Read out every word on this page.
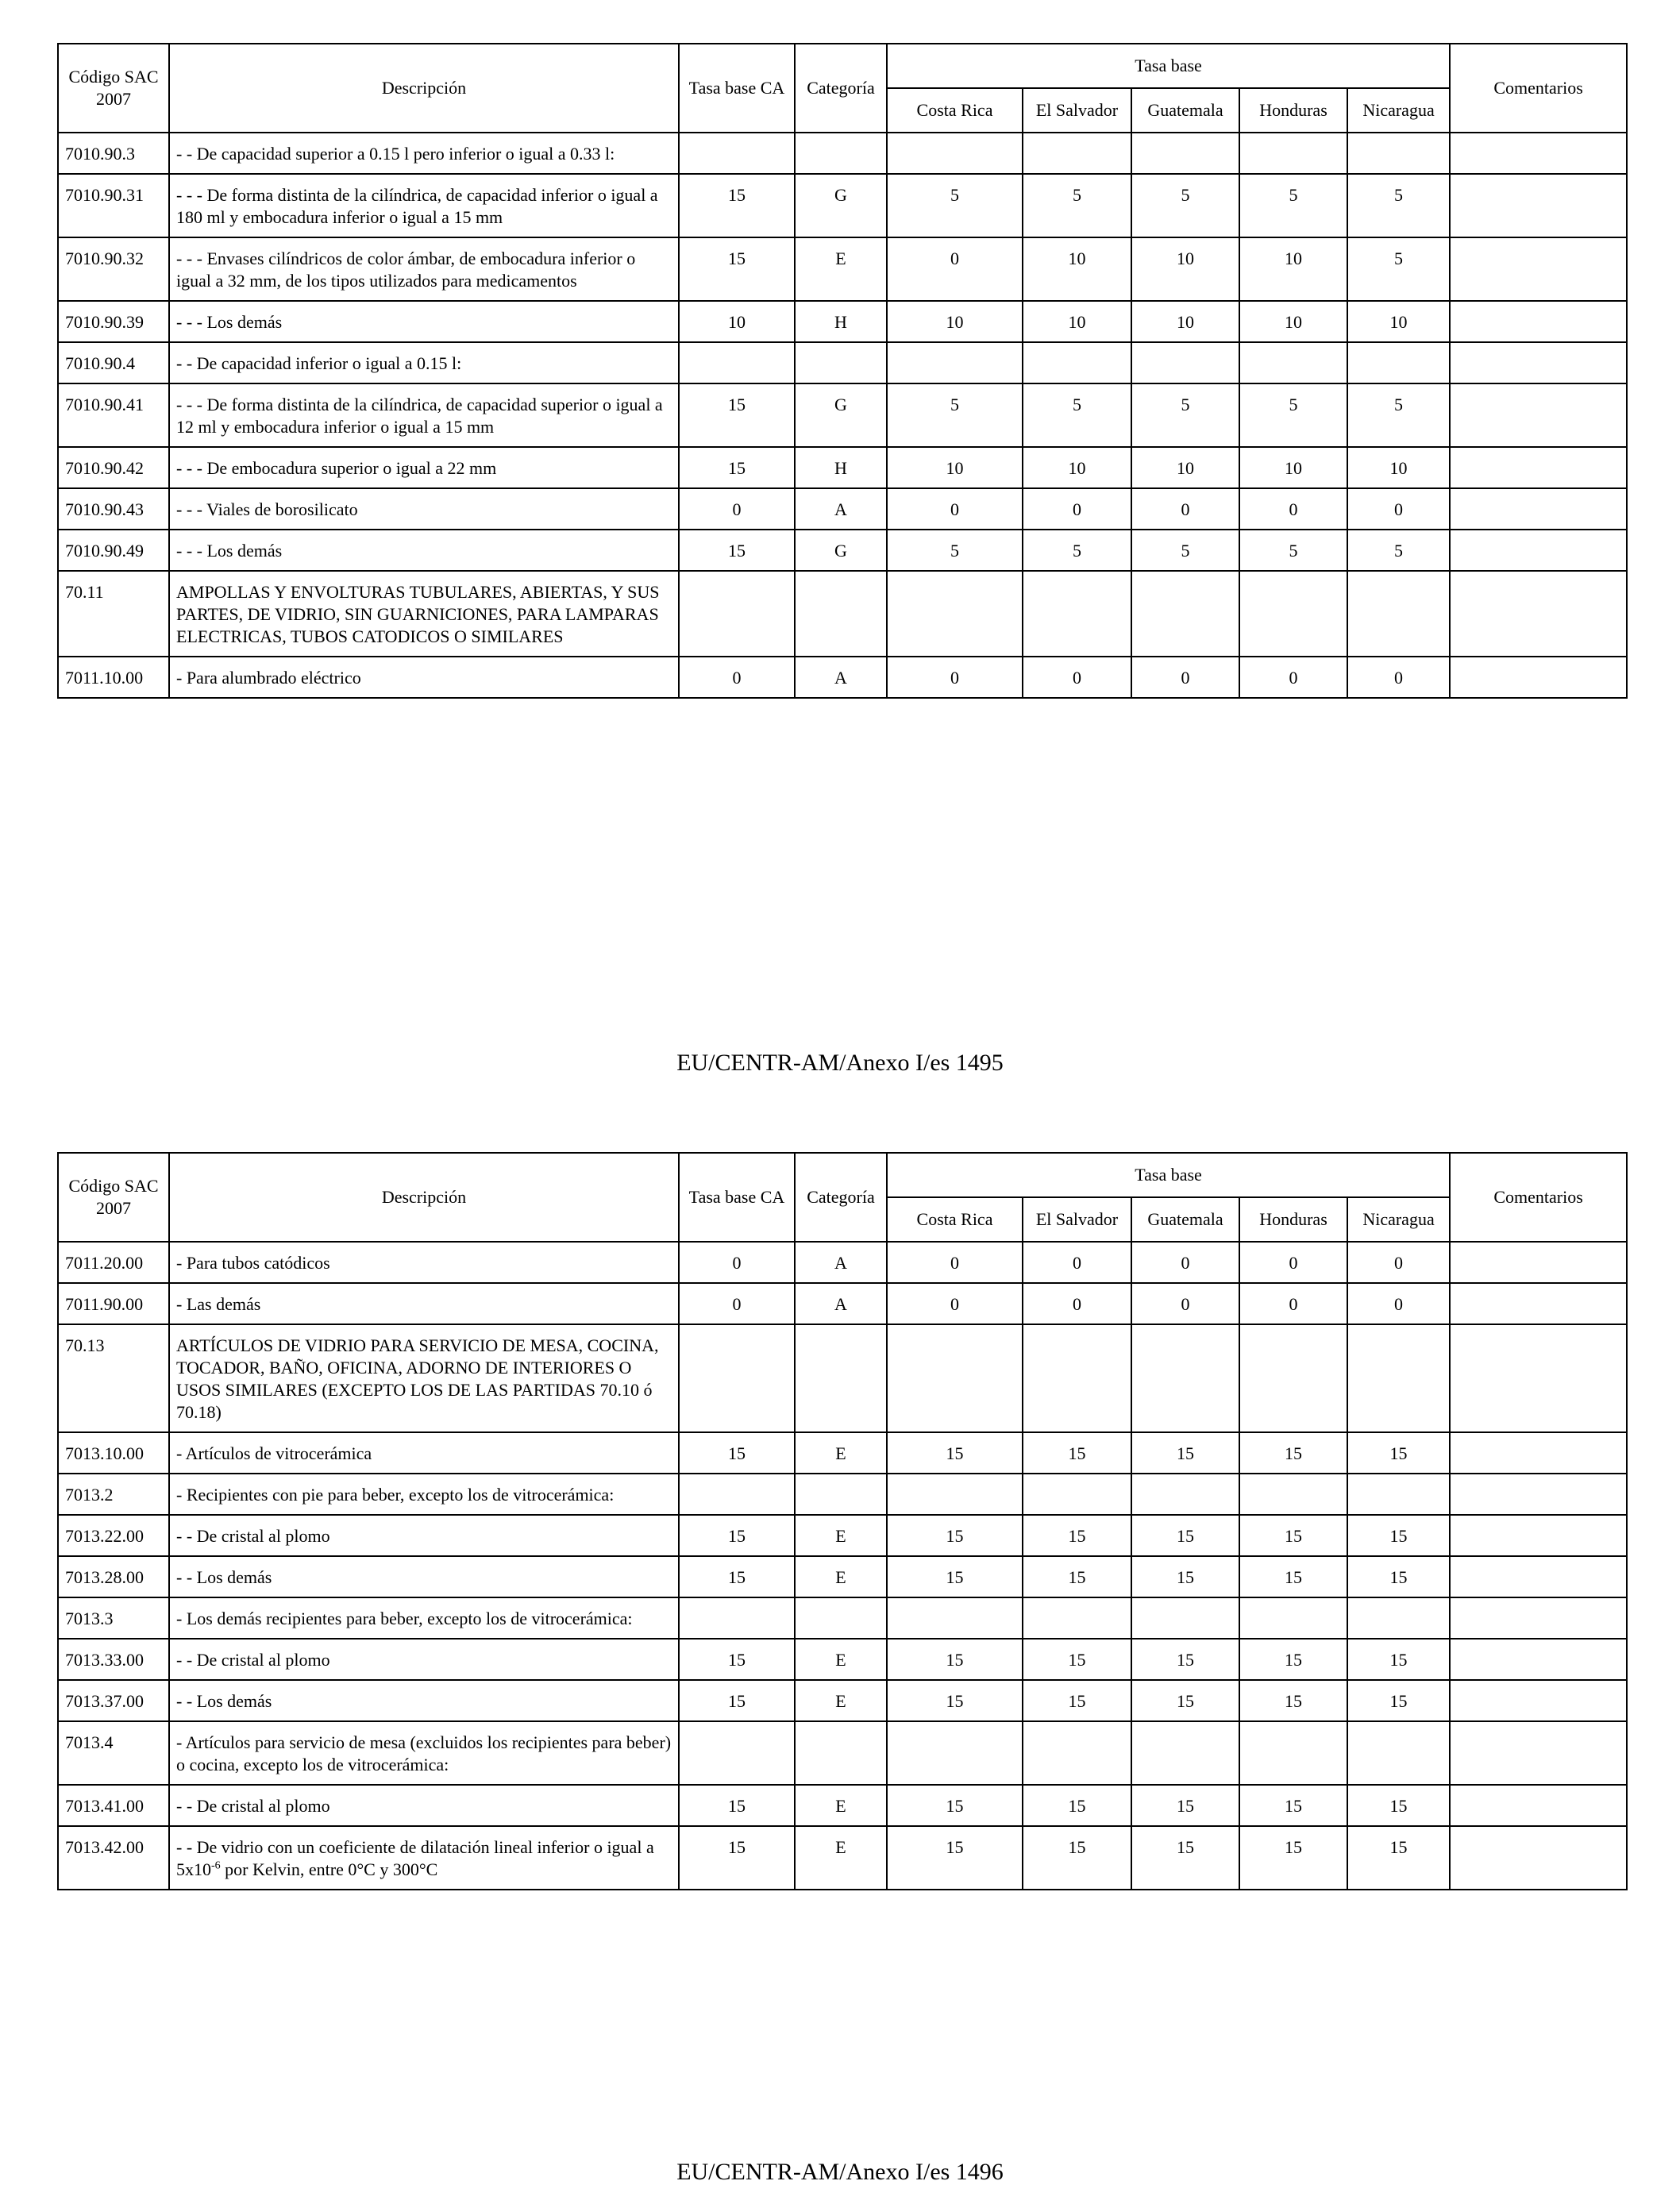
Código SAC 2007	Descripción	Tasa base CA	Categoría	Tasa base					Comentarios
				Costa Rica	El Salvador	Guatemala	Honduras	Nicaragua	
7010.90.3	- - De capacidad superior a 0.15 l pero inferior o igual a 0.33 l:								
7010.90.31	- - - De forma distinta de la cilíndrica, de capacidad inferior o igual a 180 ml y embocadura inferior o igual a 15 mm	15	G	5	5	5	5	5	
7010.90.32	- - - Envases cilíndricos de color ámbar, de embocadura inferior o igual a 32 mm, de los tipos utilizados para medicamentos	15	E	0	10	10	10	5	
7010.90.39	- - - Los demás	10	H	10	10	10	10	10	
7010.90.4	- - De capacidad inferior o igual a 0.15 l:								
7010.90.41	- - - De forma distinta de la cilíndrica, de capacidad superior o igual a 12 ml y embocadura inferior o igual a 15 mm	15	G	5	5	5	5	5	
7010.90.42	- - - De embocadura superior o igual a 22 mm	15	H	10	10	10	10	10	
7010.90.43	- - - Viales de borosilicato	0	A	0	0	0	0	0	
7010.90.49	- - - Los demás	15	G	5	5	5	5	5	
70.11	AMPOLLAS Y ENVOLTURAS TUBULARES, ABIERTAS, Y SUS PARTES, DE VIDRIO, SIN GUARNICIONES, PARA LAMPARAS ELECTRICAS, TUBOS CATODICOS O SIMILARES								
7011.10.00	- Para alumbrado eléctrico	0	A	0	0	0	0	0	
EU/CENTR-AM/Anexo I/es 1495
Código SAC 2007	Descripción	Tasa base CA	Categoría	Tasa base					Comentarios
				Costa Rica	El Salvador	Guatemala	Honduras	Nicaragua	
7011.20.00	- Para tubos catódicos	0	A	0	0	0	0	0	
7011.90.00	- Las demás	0	A	0	0	0	0	0	
70.13	ARTÍCULOS DE VIDRIO PARA SERVICIO DE MESA, COCINA, TOCADOR, BAÑO, OFICINA, ADORNO DE INTERIORES O USOS SIMILARES (EXCEPTO LOS DE LAS PARTIDAS 70.10 ó 70.18)								
7013.10.00	- Artículos de vitrocerámica	15	E	15	15	15	15	15	
7013.2	- Recipientes con pie para beber, excepto los de vitrocerámica:								
7013.22.00	- - De cristal al plomo	15	E	15	15	15	15	15	
7013.28.00	- - Los demás	15	E	15	15	15	15	15	
7013.3	- Los demás recipientes para beber, excepto los de vitrocerámica:								
7013.33.00	- - De cristal al plomo	15	E	15	15	15	15	15	
7013.37.00	- - Los demás	15	E	15	15	15	15	15	
7013.4	- Artículos para servicio de mesa (excluidos los recipientes para beber) o cocina, excepto los de vitrocerámica:								
7013.41.00	- - De cristal al plomo	15	E	15	15	15	15	15	
7013.42.00	- - De vidrio con un coeficiente de dilatación lineal inferior o igual a $5x10^{-6}$ por Kelvin, entre 0°C y 300°C	15	E	15	15	15	15	15	
EU/CENTR-AM/Anexo I/es 1496
